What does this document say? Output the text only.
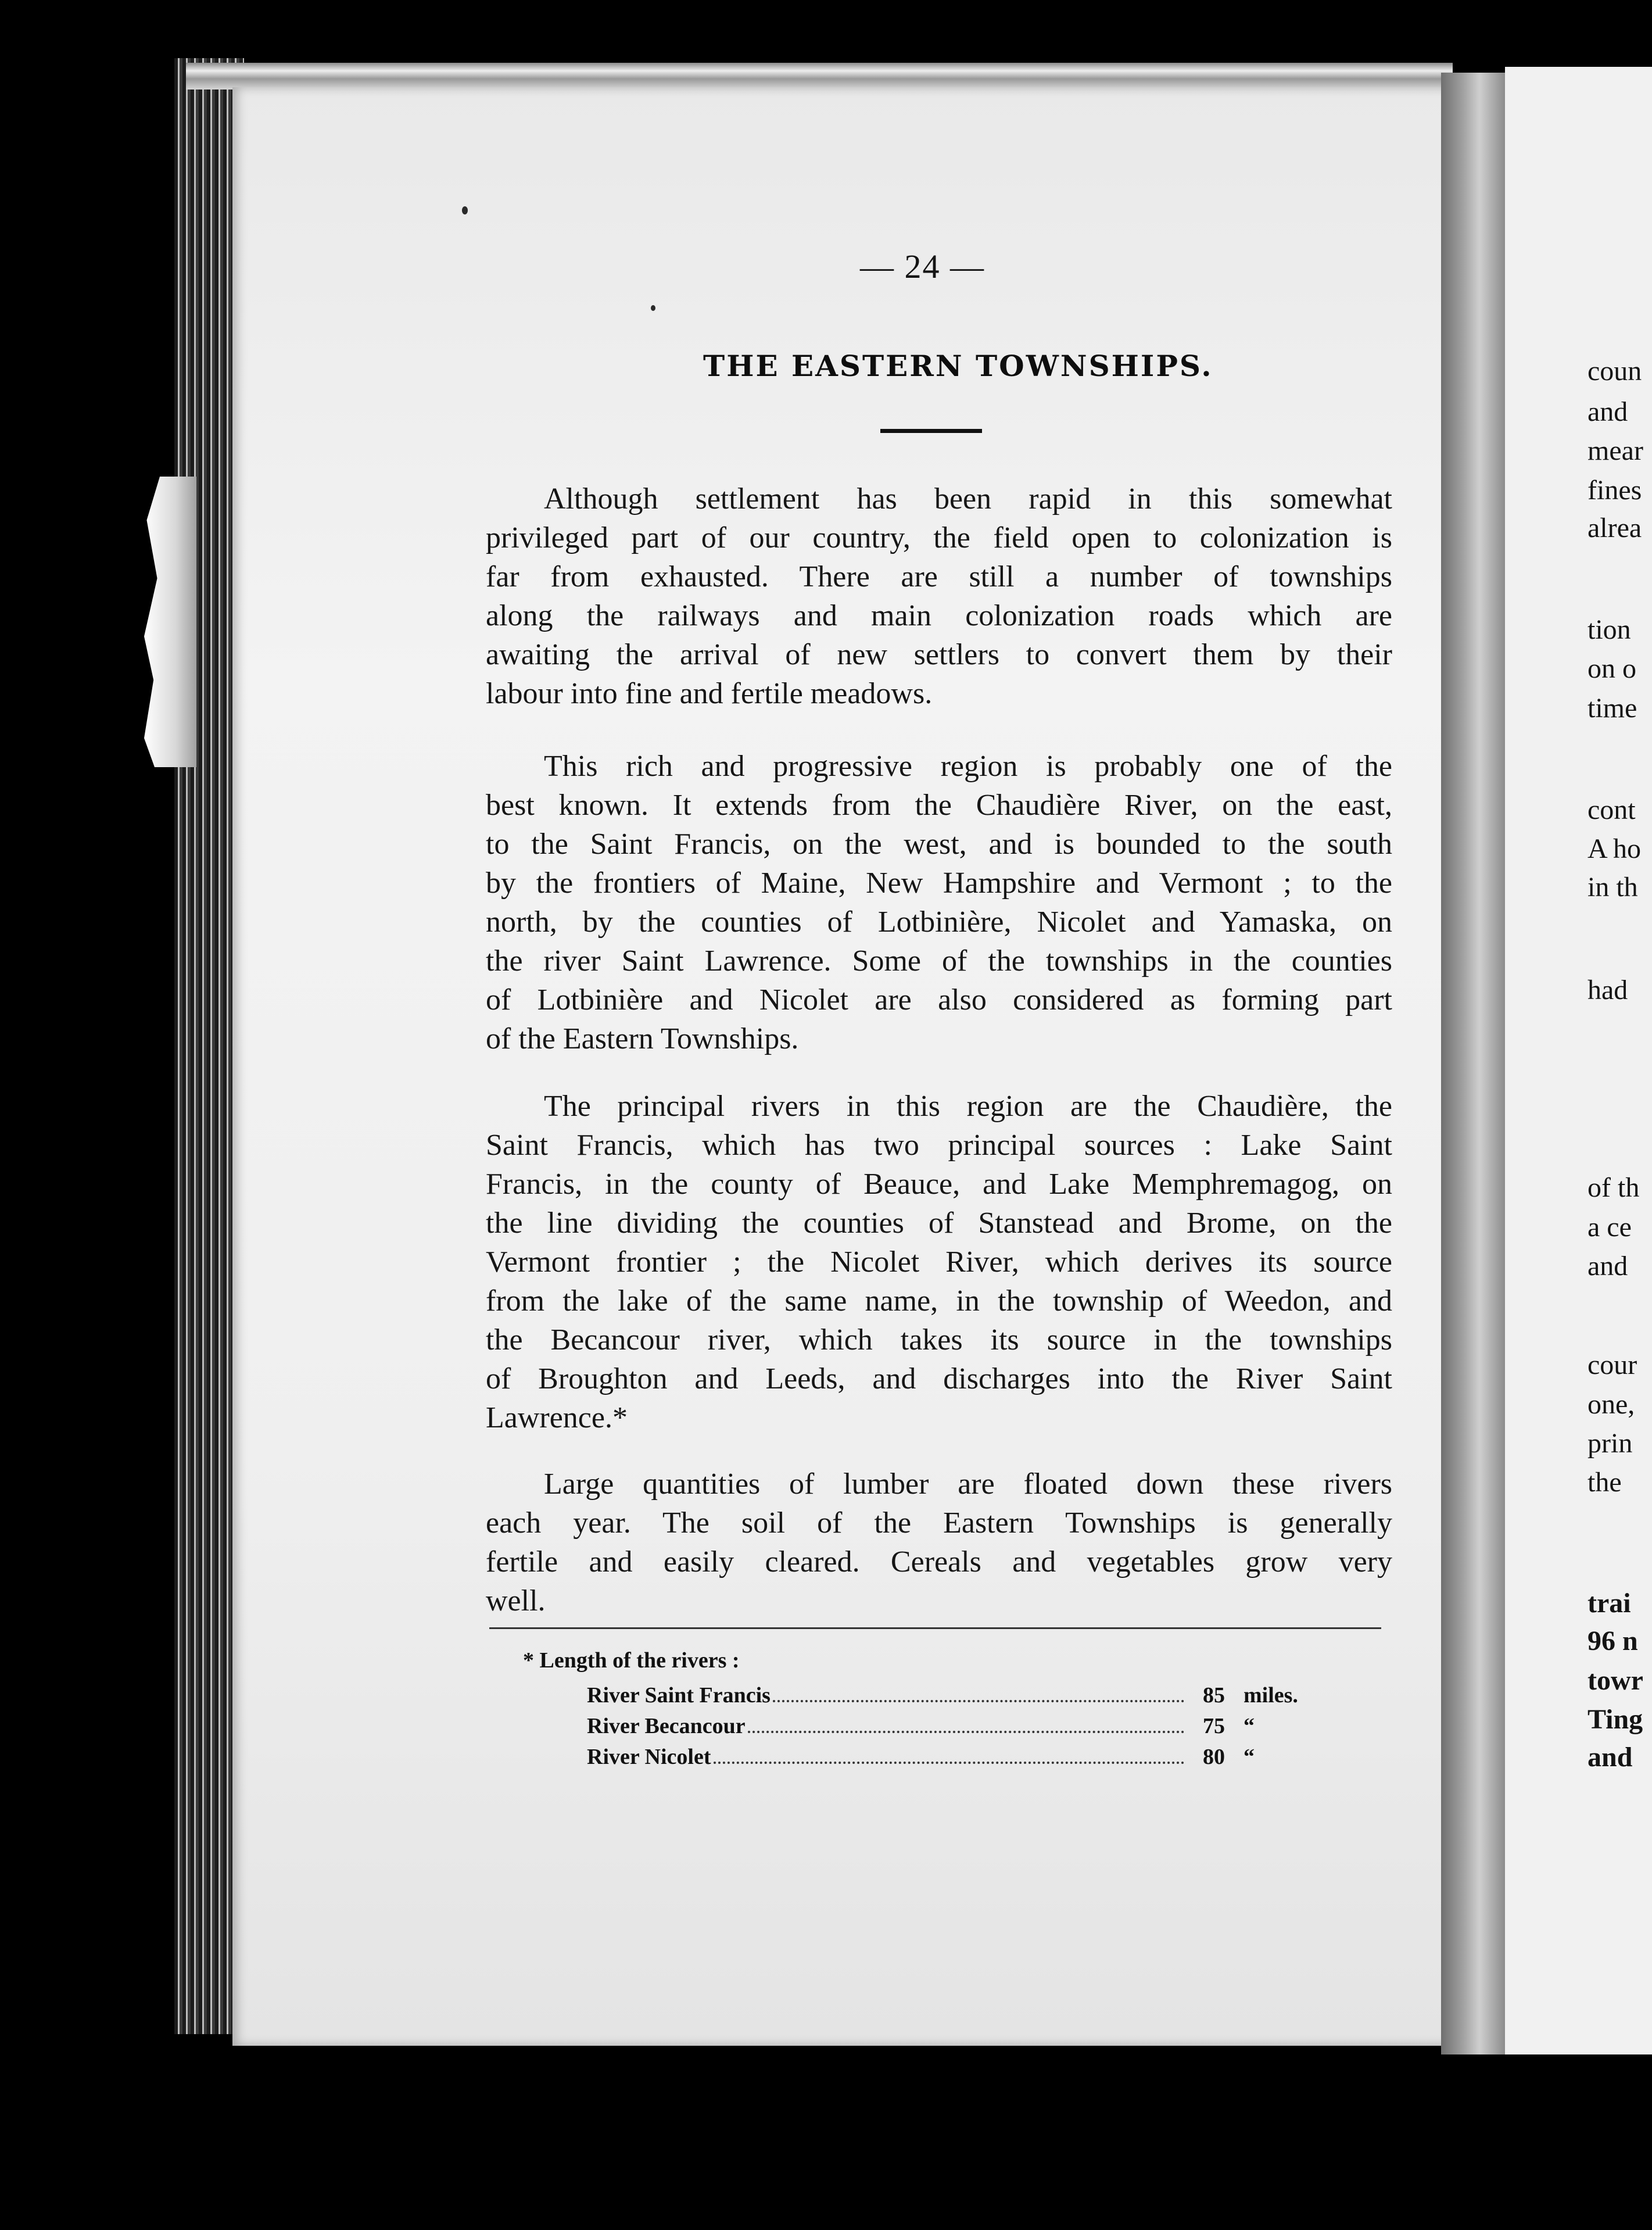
coun
and
mear
fines
alrea
tion
on o
time
cont
A ho
in th
had
of th
a ce
and
cour
one,
prin
the
trai
96 n
towr
Ting
and
— 24 —
THE EASTERN TOWNSHIPS.
Although settlement has been rapid in this somewhat
privileged part of our country, the field open to colonization is
far from exhausted. There are still a number of townships
along the railways and main colonization roads which are
awaiting the arrival of new settlers to convert them by their
labour into fine and fertile meadows.
This rich and progressive region is probably one of the
best known. It extends from the Chaudière River, on the east,
to the Saint Francis, on the west, and is bounded to the south
by the frontiers of Maine, New Hampshire and Vermont ; to the
north, by the counties of Lotbinière, Nicolet and Yamaska, on
the river Saint Lawrence. Some of the townships in the counties
of Lotbinière and Nicolet are also considered as forming part
of the Eastern Townships.
The principal rivers in this region are the Chaudière, the
Saint Francis, which has two principal sources : Lake Saint
Francis, in the county of Beauce, and Lake Memphremagog, on
the line dividing the counties of Stanstead and Brome, on the
Vermont frontier ; the Nicolet River, which derives its source
from the lake of the same name, in the township of Weedon, and
the Becancour river, which takes its source in the townships
of Broughton and Leeds, and discharges into the River Saint
Lawrence.*
Large quantities of lumber are floated down these rivers
each year. The soil of the Eastern Townships is generally
fertile and easily cleared. Cereals and vegetables grow very
well.
* Length of the rivers :
River Saint Francis	85 miles.
River Becancour	75 “
River Nicolet	80 “
